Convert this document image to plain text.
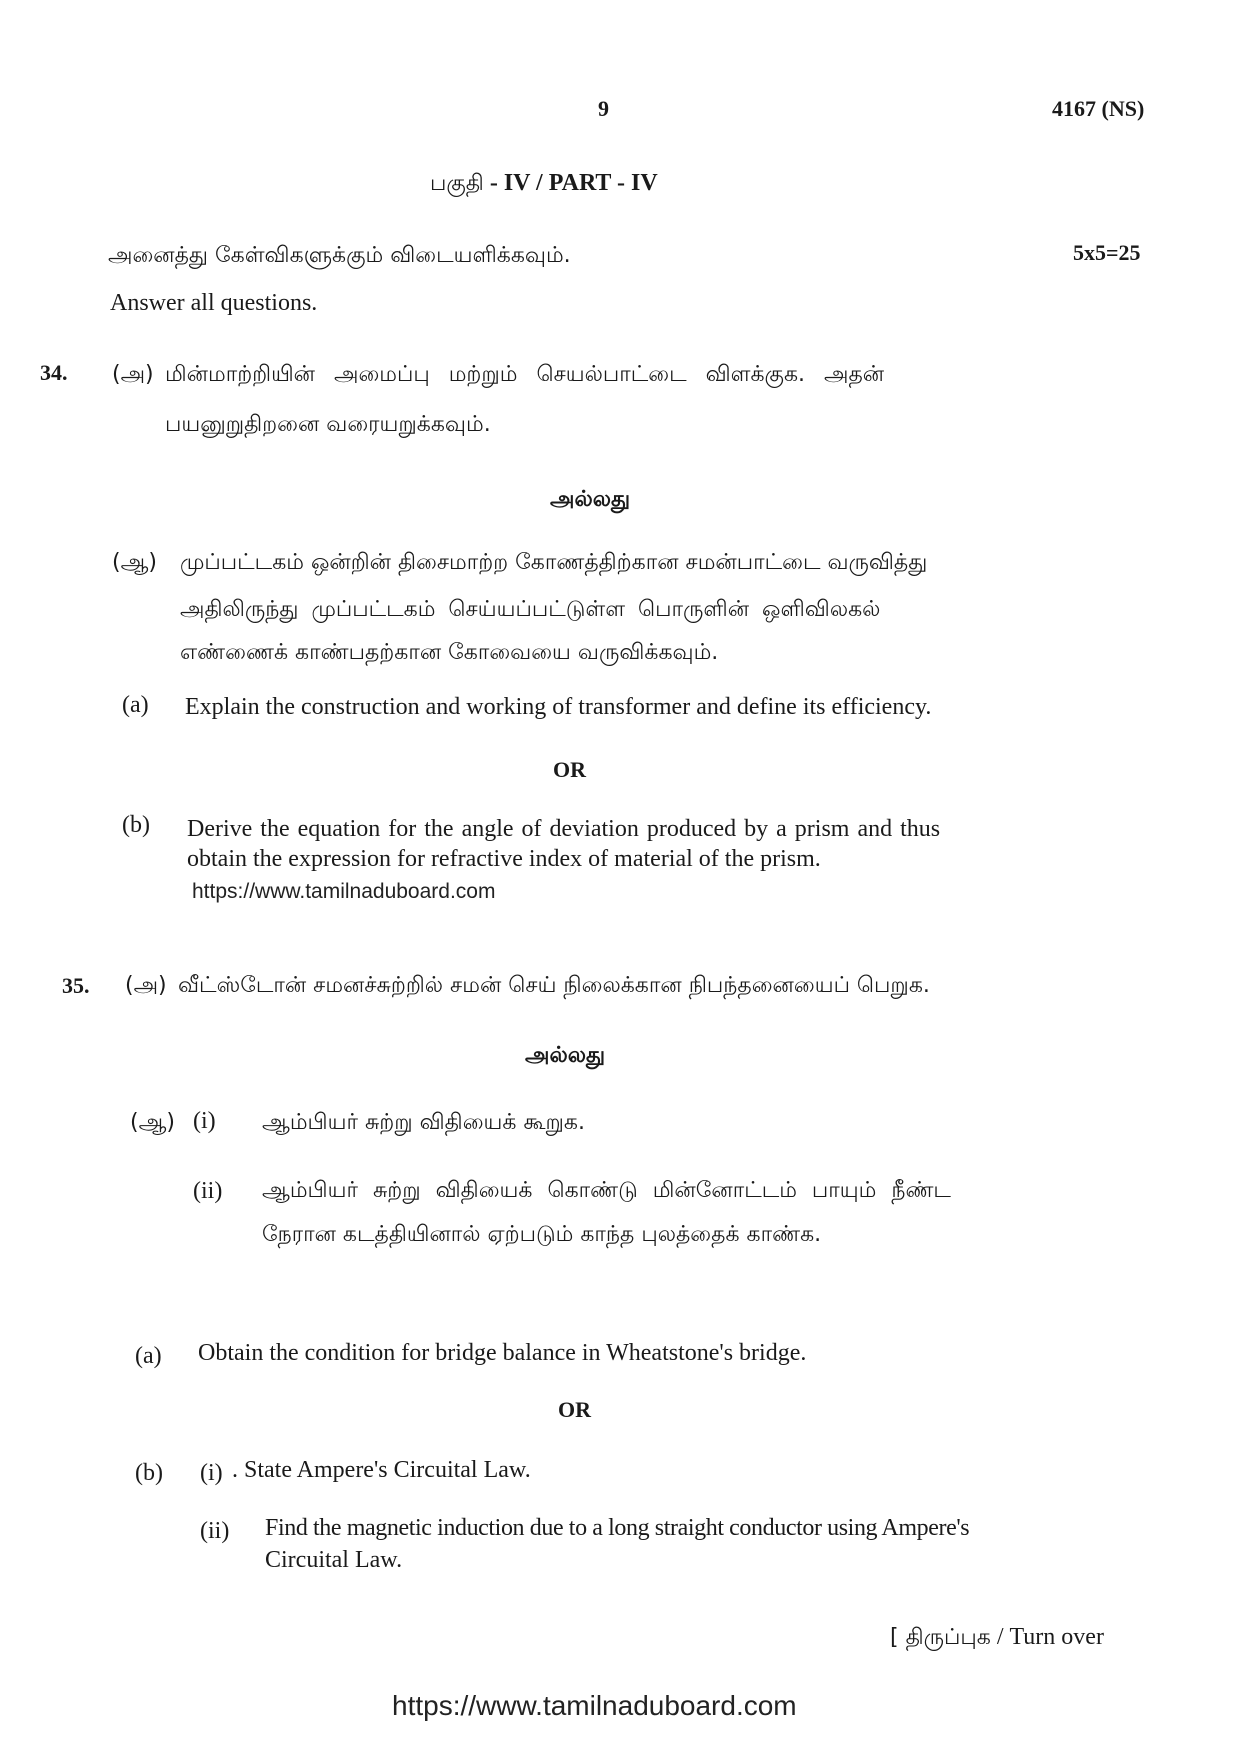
9	4167 (NS)
பகுதி - IV / PART - IV
அனைத்து கேள்விகளுக்கும் விடையளிக்கவும்.	5x5=25
Answer all questions.
34. (அ) மின்மாற்றியின் அமைப்பு மற்றும் செயல்பாட்டை விளக்குக. அதன்
பயனுறுதிறனை வரையறுக்கவும்.
அல்லது
(ஆ) முப்பட்டகம் ஒன்றின் திசைமாற்ற கோணத்திற்கான சமன்பாட்டை வருவித்து
அதிலிருந்து முப்பட்டகம் செய்யப்பட்டுள்ள பொருளின் ஒளிவிலகல்
எண்ணைக் காண்பதற்கான கோவையை வருவிக்கவும்.
(a) Explain the construction and working of transformer and define its efficiency.
OR
(b) Derive the equation for the angle of deviation produced by a prism and thus
obtain the expression for refractive index of material of the prism.
https://www.tamilnaduboard.com
35. (அ) வீட்ஸ்டோன் சமனச்சுற்றில் சமன் செய் நிலைக்கான நிபந்தனையைப் பெறுக.
அல்லது
(ஆ) (i) ஆம்பியர் சுற்று விதியைக் கூறுக.
(ii) ஆம்பியர் சுற்று விதியைக் கொண்டு மின்னோட்டம் பாயும் நீண்ட
நேரான கடத்தியினால் ஏற்படும் காந்த புலத்தைக் காண்க.
(a) Obtain the condition for bridge balance in Wheatstone's bridge.
OR
(b) (i) . State Ampere's Circuital Law.
(ii) Find the magnetic induction due to a long straight conductor using Ampere's
Circuital Law.
[ திருப்புக / Turn over
https://www.tamilnaduboard.com
